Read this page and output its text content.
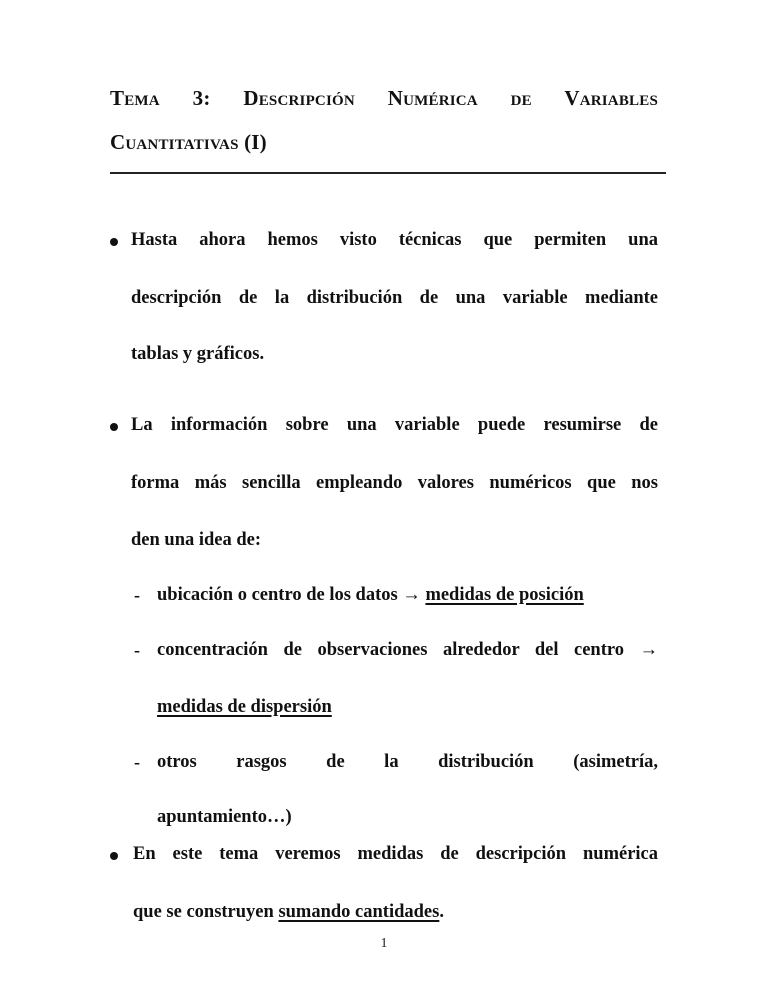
Tema 3: Descripción Numérica de Variables
Cuantitativas (I)
Hasta ahora hemos visto técnicas que permiten una
descripción de la distribución de una variable mediante
tablas y gráficos.
La información sobre una variable puede resumirse de
forma más sencilla empleando valores numéricos que nos
den una idea de:
- ubicación o centro de los datos → medidas de posición
- concentración de observaciones alrededor del centro →
medidas de dispersión
- otros rasgos de la distribución (asimetría,
apuntamiento…)
En este tema veremos medidas de descripción numérica
que se construyen sumando cantidades.
1
